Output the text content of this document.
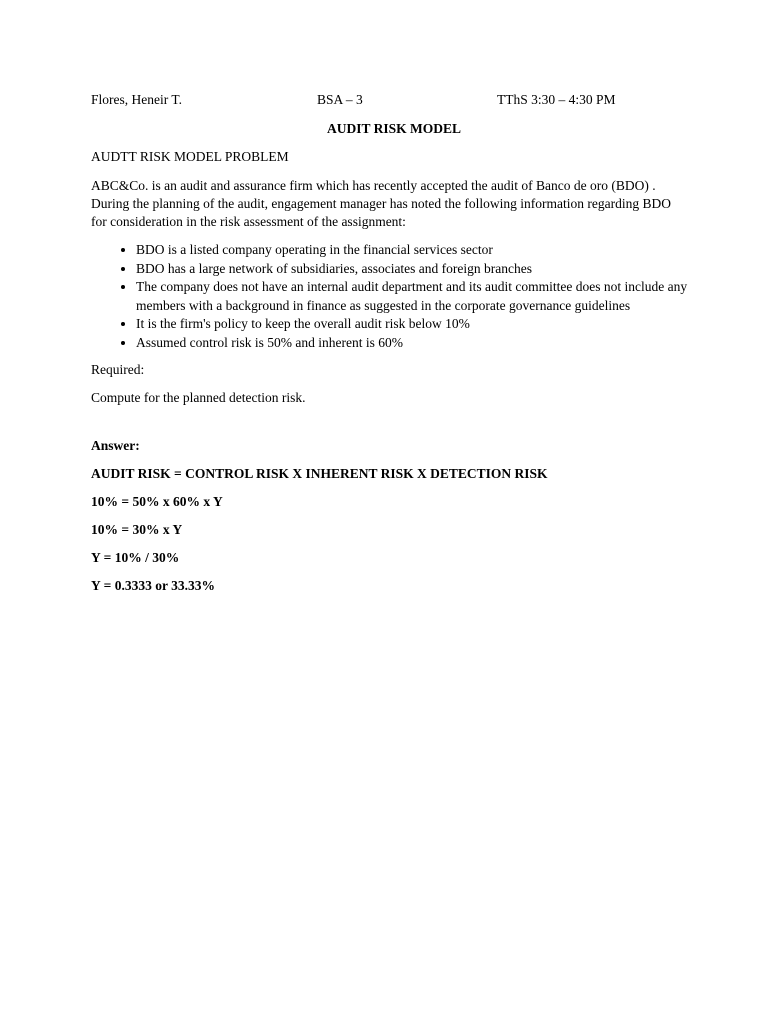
Flores, Heneir T.	BSA – 3	TThS 3:30 – 4:30 PM
AUDIT RISK MODEL
AUDTT RISK MODEL PROBLEM
ABC&Co. is an audit and assurance firm which has recently accepted the audit of Banco de oro (BDO) . During the planning of the audit, engagement manager has noted the following information regarding BDO for consideration in the risk assessment of the assignment:
• BDO is a listed company operating in the financial services sector
• BDO has a large network of subsidiaries, associates and foreign branches
• The company does not have an internal audit department and its audit committee does not include any members with a background in finance as suggested in the corporate governance guidelines
• It is the firm's policy to keep the overall audit risk below 10%
• Assumed control risk is 50% and inherent is 60%
Required:
Compute for the planned detection risk.
Answer:
AUDIT RISK = CONTROL RISK X INHERENT RISK X DETECTION RISK
10% = 50% x 60% x Y
10% = 30% x Y
Y = 10% / 30%
Y = 0.3333 or 33.33%
